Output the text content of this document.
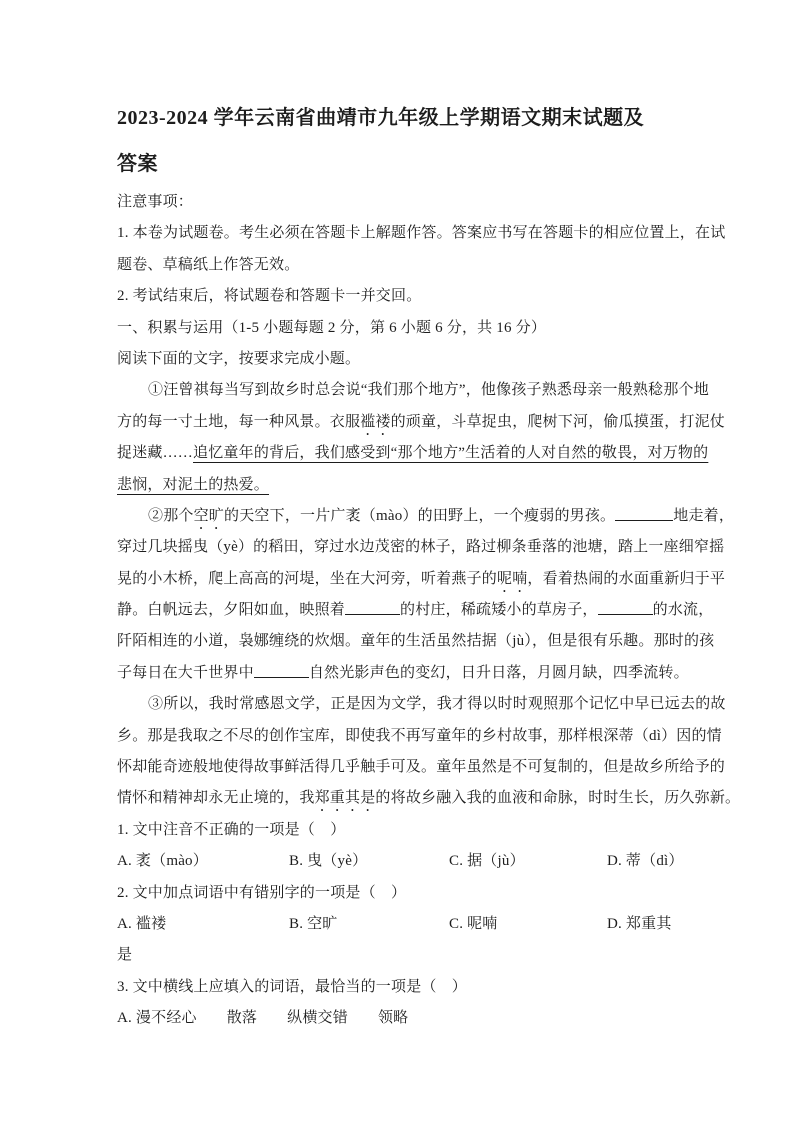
2023-2024 学年云南省曲靖市九年级上学期语文期末试题及
答案
注意事项：
1. 本卷为试题卷。考生必须在答题卡上解题作答。答案应书写在答题卡的相应位置上，在试
题卷、草稿纸上作答无效。
2. 考试结束后，将试题卷和答题卡一并交回。
一、积累与运用（1-5 小题每题 2 分，第 6 小题 6 分，共 16 分）
阅读下面的文字，按要求完成小题。
①汪曾祺每当写到故乡时总会说“我们那个地方”，他像孩子熟悉母亲一般熟稔那个地
方的每一寸土地，每一种风景。衣服褴褛的顽童，斗草捉虫，爬树下河，偷瓜摸蛋，打泥仗
捉迷藏……追忆童年的背后，我们感受到“那个地方”生活着的人对自然的敬畏，对万物的
悲悯，对泥土的热爱。
②那个空旷的天空下，一片广袤（mào）的田野上，一个瘦弱的男孩。	地走着，
穿过几块摇曳（yè）的稻田，穿过水边茂密的林子，路过柳条垂落的池塘，踏上一座细窄摇
晃的小木桥，爬上高高的河堤，坐在大河旁，听着燕子的呢喃，看着热闹的水面重新归于平
静。白帆远去，夕阳如血，映照着	的村庄，稀疏矮小的草房子，	的水流，
阡陌相连的小道，袅娜缠绕的炊烟。童年的生活虽然拮据（jù），但是很有乐趣。那时的孩
子每日在大千世界中	自然光影声色的变幻，日升日落，月圆月缺，四季流转。
③所以，我时常感恩文学，正是因为文学，我才得以时时观照那个记忆中早已远去的故
乡。那是我取之不尽的创作宝库，即使我不再写童年的乡村故事，那样根深蒂（dì）因的情
怀却能奇迹般地使得故事鲜活得几乎触手可及。童年虽然是不可复制的，但是故乡所给予的
情怀和精神却永无止境的，我郑重其是的将故乡融入我的血液和命脉，时时生长，历久弥新。
1. 文中注音不正确的一项是（　）
A. 袤（mào）	B. 曳（yè）	C. 据（jù）	D. 蒂（dì）
2. 文中加点词语中有错别字的一项是（　）
A. 褴褛	B. 空旷	C. 呢喃	D. 郑重其
是
3. 文中横线上应填入的词语，最恰当的一项是（　）
A. 漫不经心 散落 纵横交错 领略
